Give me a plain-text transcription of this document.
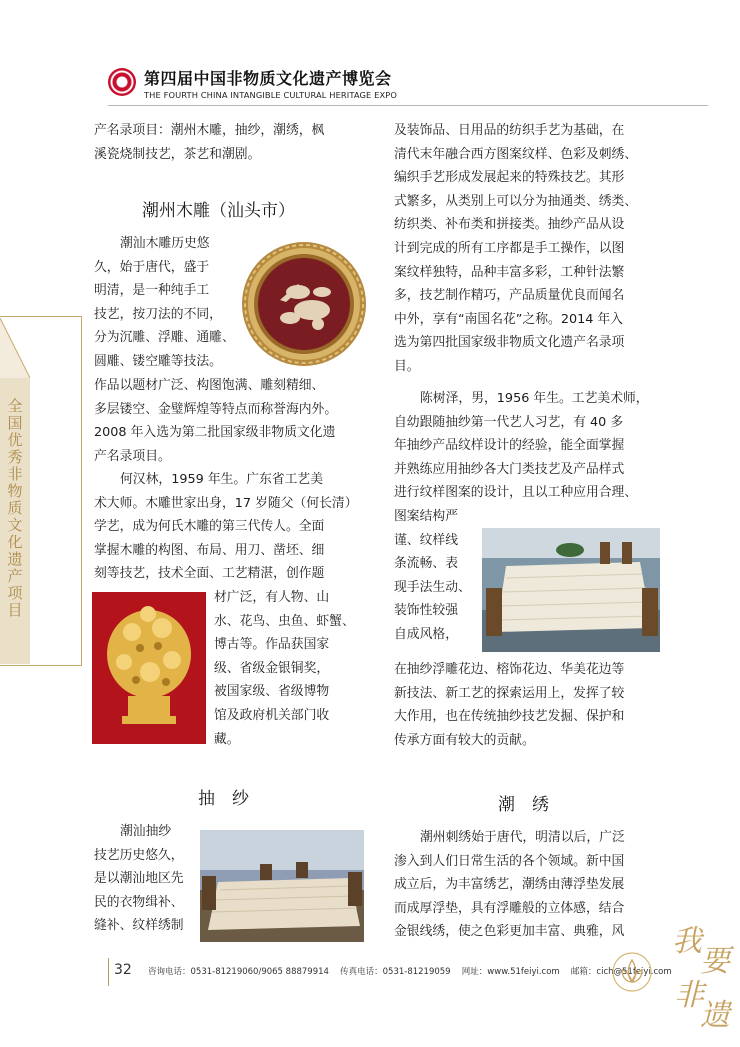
第四届中国非物质文化遗产博览会
THE FOURTH CHINA INTANGIBLE CULTURAL HERITAGE EXPO
全国优秀非物质文化遗产项目
产名录项目：潮州木雕，抽纱，潮绣，枫
溪瓷烧制技艺，茶艺和潮剧。
潮州木雕（汕头市）
潮汕木雕历史悠
久，始于唐代，盛于
明清，是一种纯手工
技艺，按刀法的不同，
分为沉雕、浮雕、通雕、
圆雕、镂空雕等技法。
作品以题材广泛、构图饱满、雕刻精细、
多层镂空、金璧辉煌等特点而称誉海内外。
2008 年入选为第二批国家级非物质文化遗
产名录项目。
何汉林，1959 年生。广东省工艺美
术大师。木雕世家出身，17 岁随父（何长清）
学艺，成为何氏木雕的第三代传人。全面
掌握木雕的构图、布局、用刀、凿坯、细
刻等技艺，技术全面、工艺精湛，创作题
材广泛，有人物、山
水、花鸟、虫鱼、虾蟹、
博古等。作品获国家
级、省级金银铜奖，
被国家级、省级博物
馆及政府机关部门收
藏。
抽　纱
潮汕抽纱
技艺历史悠久，
是以潮汕地区先
民的衣物缉补、
缝补、纹样绣制
及装饰品、日用品的纺织手艺为基础，在
清代末年融合西方图案纹样、色彩及刺绣、
编织手艺形成发展起来的特殊技艺。其形
式繁多，从类别上可以分为抽通类、绣类、
纺织类、补布类和拼接类。抽纱产品从设
计到完成的所有工序都是手工操作，以图
案纹样独特，品种丰富多彩，工种针法繁
多，技艺制作精巧，产品质量优良而闻名
中外，享有“南国名花”之称。2014 年入
选为第四批国家级非物质文化遗产名录项
目。
陈树泽，男，1956 年生。工艺美术师，
自幼跟随抽纱第一代艺人习艺，有 40 多
年抽纱产品纹样设计的经验，能全面掌握
并熟练应用抽纱各大门类技艺及产品样式
进行纹样图案的设计，且以工种应用合理、
图案结构严
谨、纹样线
条流畅、表
现手法生动、
装饰性较强
自成风格，
在抽纱浮雕花边、榕饰花边、华美花边等
新技法、新工艺的探索运用上，发挥了较
大作用，也在传统抽纱技艺发掘、保护和
传承方面有较大的贡献。
潮　绣
潮州刺绣始于唐代，明清以后，广泛
渗入到人们日常生活的各个领域。新中国
成立后，为丰富绣艺，潮绣由薄浮垫发展
而成厚浮垫，具有浮雕般的立体感，结合
金银线绣，使之色彩更加丰富、典雅，风
32 咨询电话：0531-81219060/9065 88879914　 传真电话：0531-81219059　 网址：www.51feiyi.com　 邮箱：cich@51feiyi.com
我
要
非
遗
